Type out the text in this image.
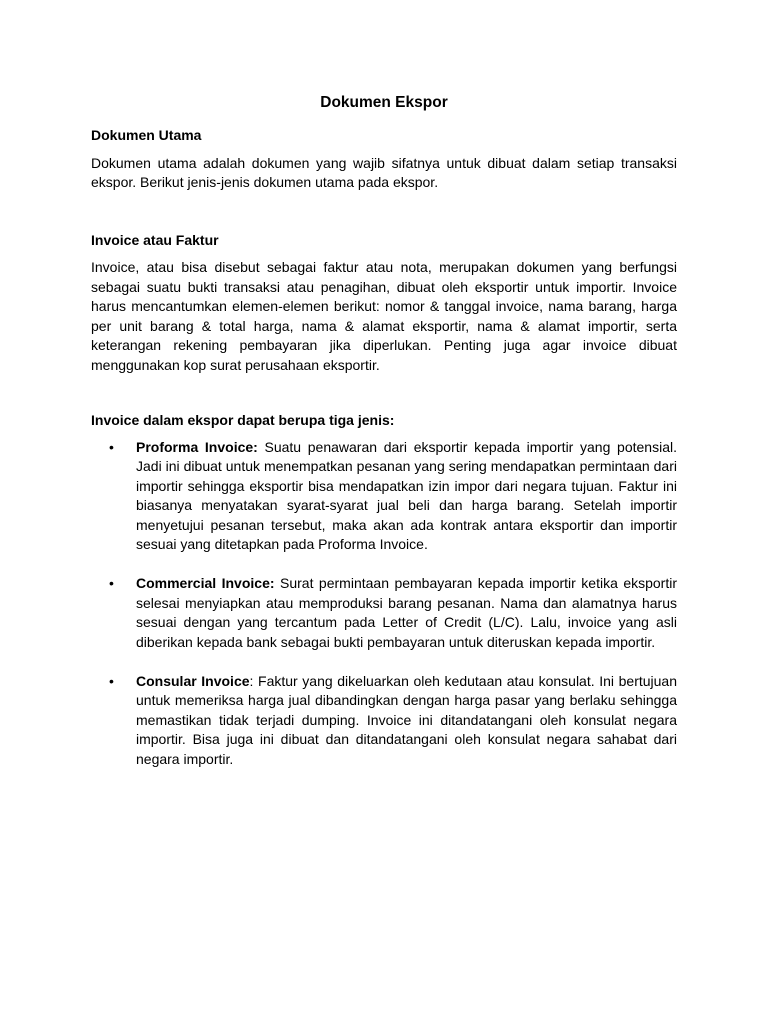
Dokumen Ekspor
Dokumen Utama

Dokumen utama adalah dokumen yang wajib sifatnya untuk dibuat dalam setiap transaksi ekspor. Berikut jenis-jenis dokumen utama pada ekspor.

Invoice atau Faktur

Invoice, atau bisa disebut sebagai faktur atau nota, merupakan dokumen yang berfungsi sebagai suatu bukti transaksi atau penagihan, dibuat oleh eksportir untuk importir. Invoice harus mencantumkan elemen-elemen berikut: nomor & tanggal invoice, nama barang, harga per unit barang & total harga, nama & alamat eksportir, nama & alamat importir, serta keterangan rekening pembayaran jika diperlukan. Penting juga agar invoice dibuat menggunakan kop surat perusahaan eksportir.

Invoice dalam ekspor dapat berupa tiga jenis:
• Proforma Invoice: Suatu penawaran dari eksportir kepada importir yang potensial. Jadi ini dibuat untuk menempatkan pesanan yang sering mendapatkan permintaan dari importir sehingga eksportir bisa mendapatkan izin impor dari negara tujuan. Faktur ini biasanya menyatakan syarat-syarat jual beli dan harga barang. Setelah importir menyetujui pesanan tersebut, maka akan ada kontrak antara eksportir dan importir sesuai yang ditetapkan pada Proforma Invoice.
• Commercial Invoice: Surat permintaan pembayaran kepada importir ketika eksportir selesai menyiapkan atau memproduksi barang pesanan. Nama dan alamatnya harus sesuai dengan yang tercantum pada Letter of Credit (L/C). Lalu, invoice yang asli diberikan kepada bank sebagai bukti pembayaran untuk diteruskan kepada importir.
• Consular Invoice: Faktur yang dikeluarkan oleh kedutaan atau konsulat. Ini bertujuan untuk memeriksa harga jual dibandingkan dengan harga pasar yang berlaku sehingga memastikan tidak terjadi dumping. Invoice ini ditandatangani oleh konsulat negara importir. Bisa juga ini dibuat dan ditandatangani oleh konsulat negara sahabat dari negara importir.
